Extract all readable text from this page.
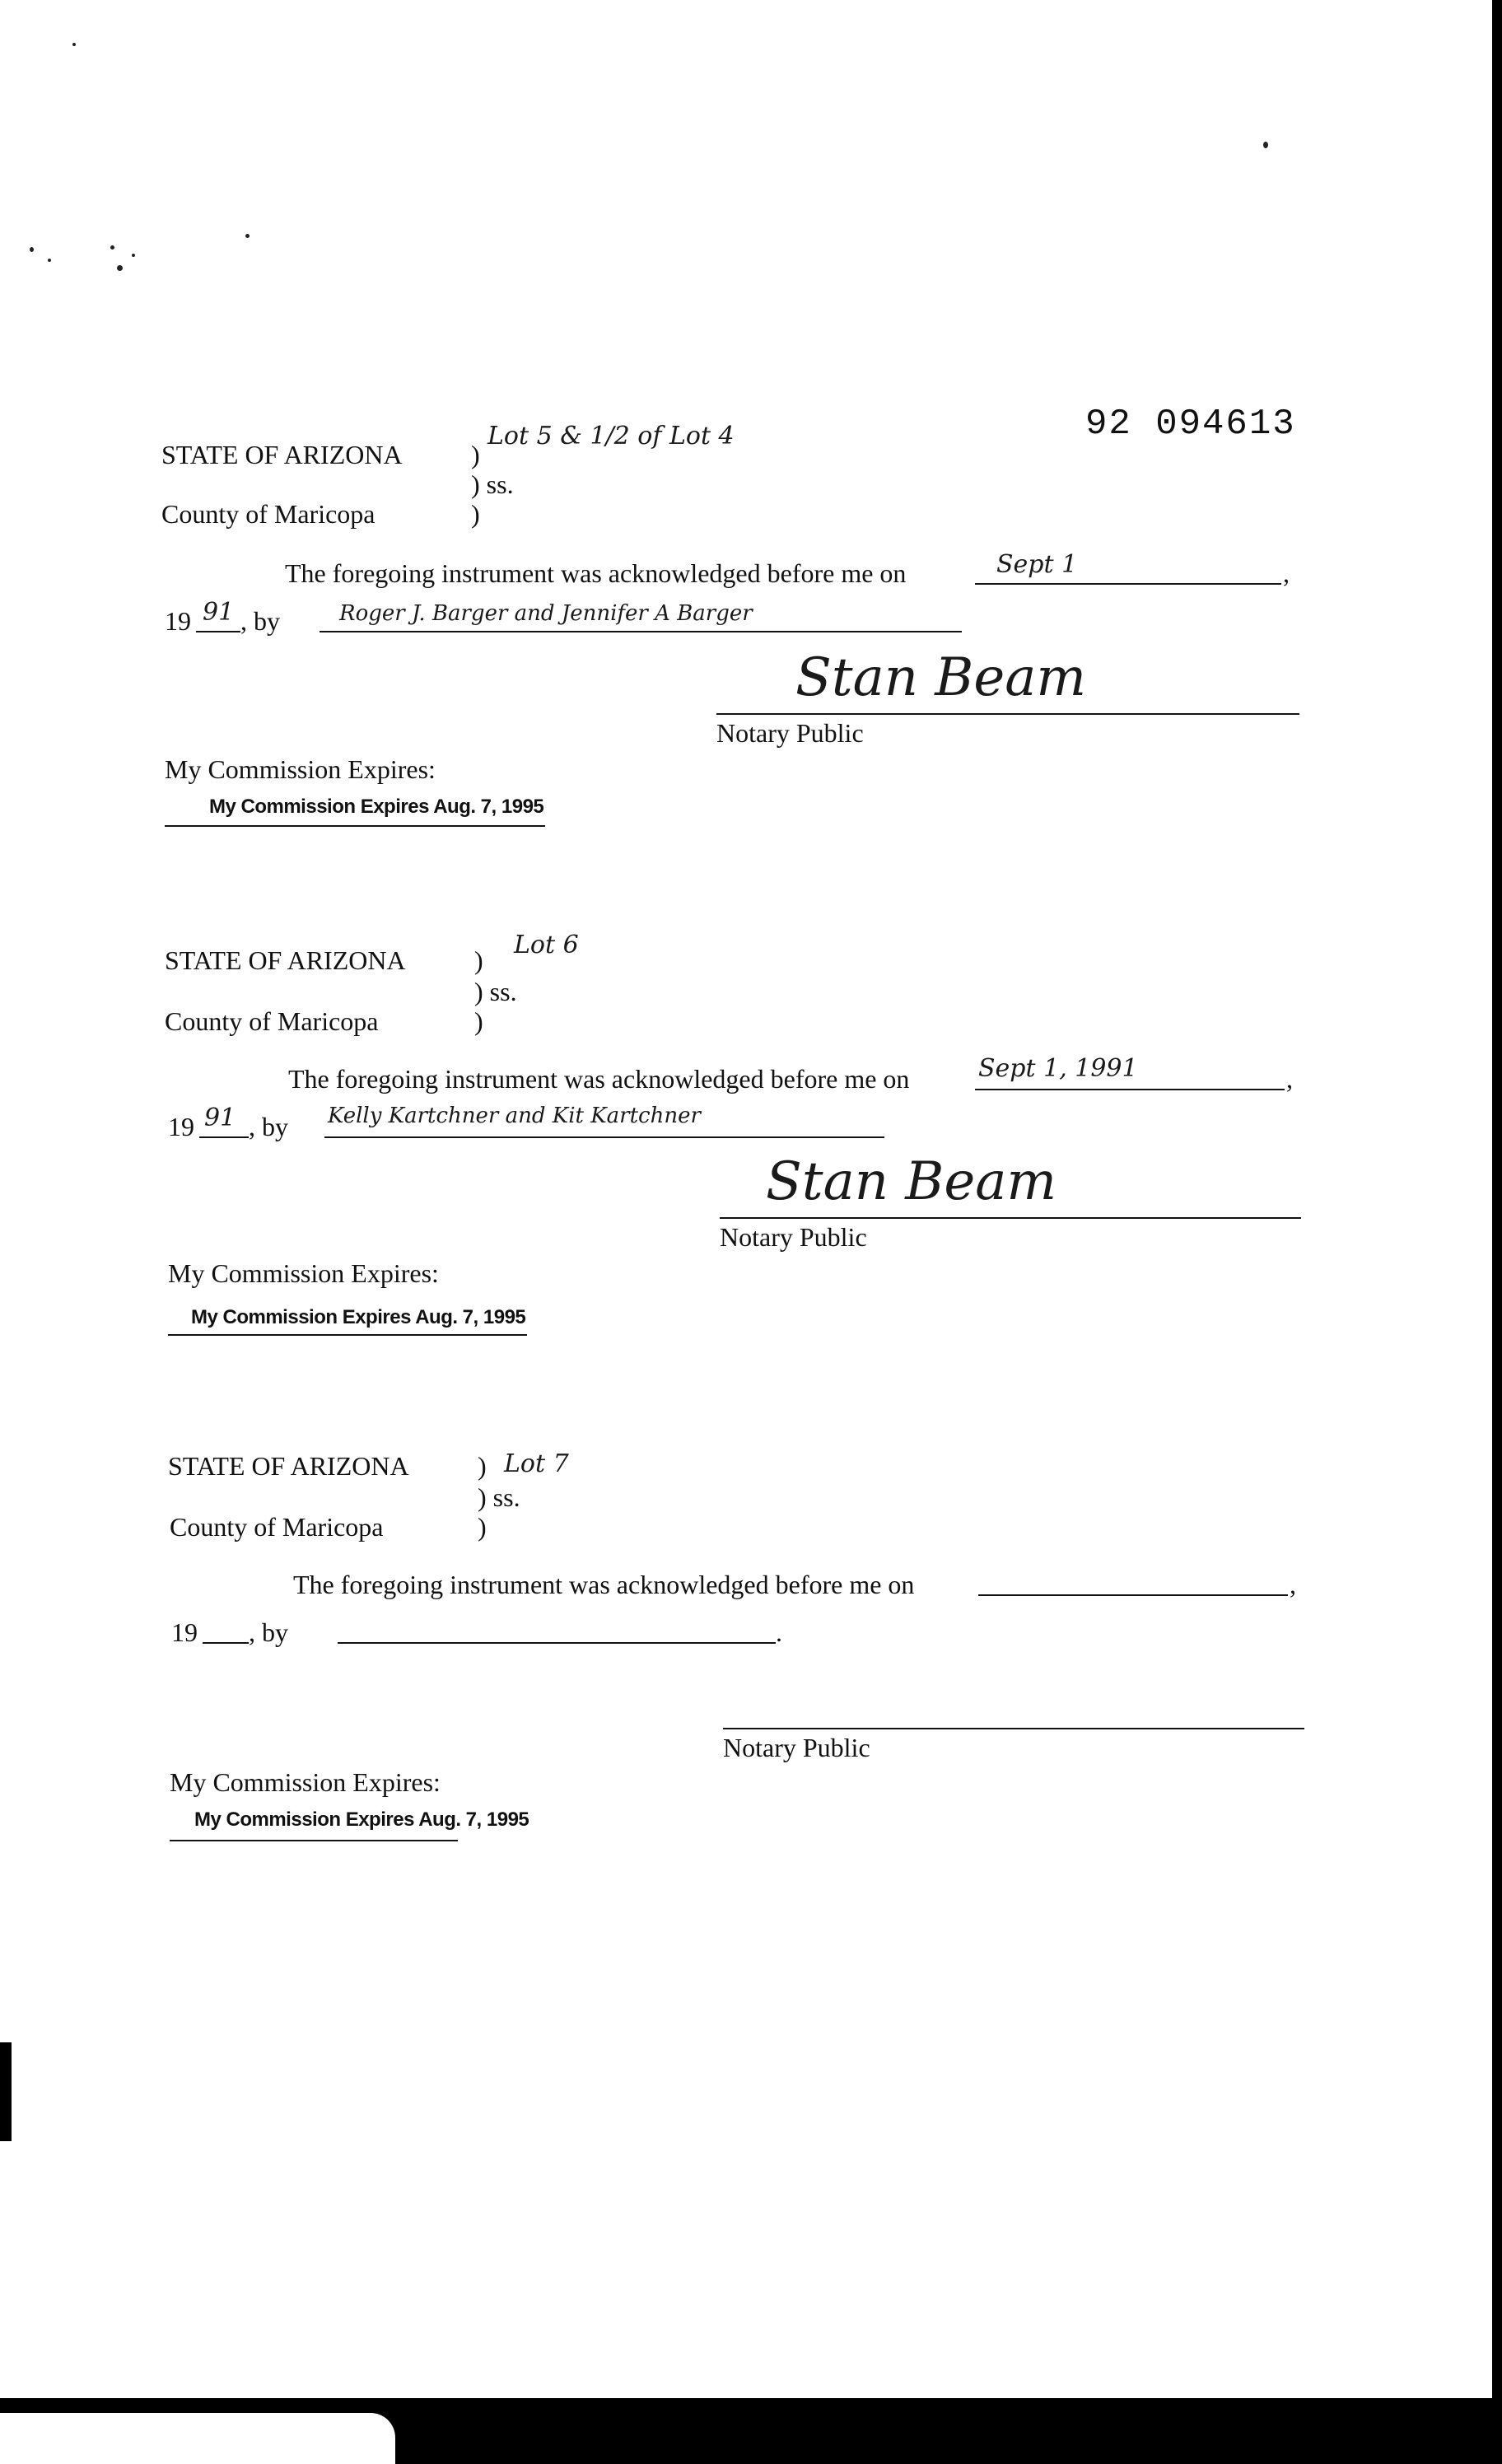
92 094613
STATE OF ARIZONA	)
Lot 5 & 1/2 of Lot 4
) ss.
County of Maricopa	)
The foregoing instrument was acknowledged before me on	Sept 1	,
19 91 , by	Roger J. Barger and Jennifer A Barger
Stan Beam
Notary Public
My Commission Expires:
My Commission Expires Aug. 7, 1995
STATE OF ARIZONA	)
Lot 6
) ss.
County of Maricopa	)
The foregoing instrument was acknowledged before me on	Sept 1, 1991	,
19 91 , by Kelly Kartchner and Kit Kartchner
Stan Beam
Notary Public
My Commission Expires:
My Commission Expires Aug. 7, 1995
STATE OF ARIZONA	) Lot 7
) ss.
County of Maricopa	)
The foregoing instrument was acknowledged before me on	,
19 , by	.
Notary Public
My Commission Expires:
My Commission Expires Aug. 7, 1995
